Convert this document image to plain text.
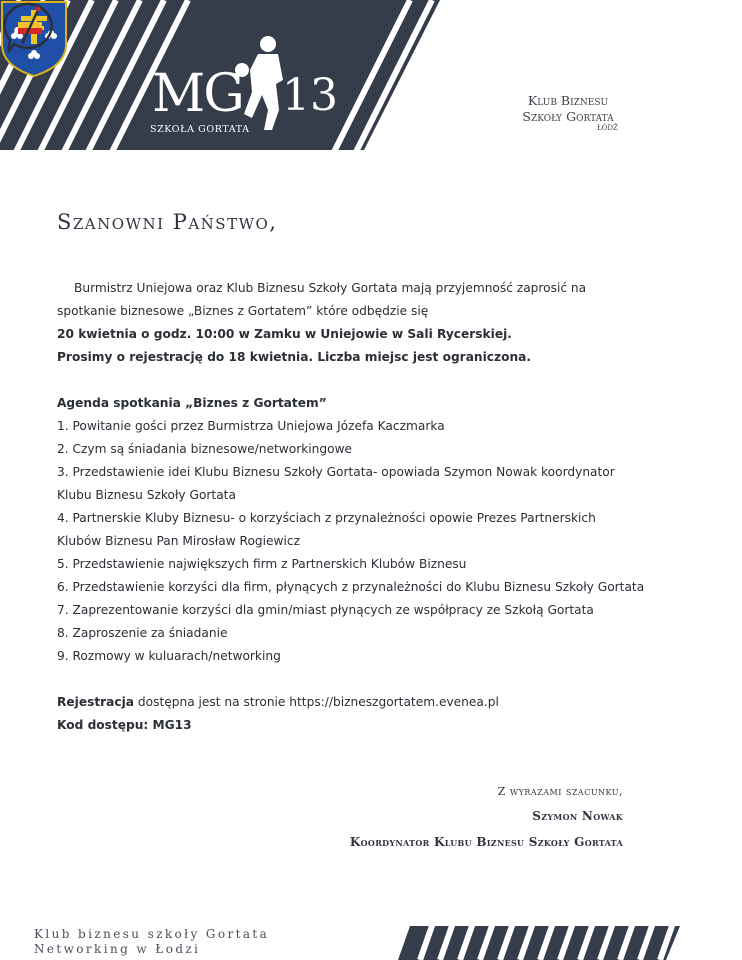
MG 13
SZKOŁA GORTATA
Klub Biznesu
Szkoły Gortata
ŁÓDŹ
Szanowni Państwo,

Burmistrz Uniejowa oraz Klub Biznesu Szkoły Gortata mają przyjemność zaprosić na

spotkanie biznesowe „Biznes z Gortatem” które odbędzie się

20 kwietnia o godz. 10:00 w Zamku w Uniejowie w Sali Rycerskiej.

Prosimy o rejestrację do 18 kwietnia. Liczba miejsc jest ograniczona.

Agenda spotkania „Biznes z Gortatem”

1. Powitanie gości przez Burmistrza Uniejowa Józefa Kaczmarka

2. Czym są śniadania biznesowe/networkingowe

3. Przedstawienie idei Klubu Biznesu Szkoły Gortata- opowiada Szymon Nowak koordynator

Klubu Biznesu Szkoły Gortata

4. Partnerskie Kluby Biznesu- o korzyściach z przynależności opowie Prezes Partnerskich

Klubów Biznesu Pan Mirosław Rogiewicz

5. Przedstawienie największych firm z Partnerskich Klubów Biznesu

6. Przedstawienie korzyści dla firm, płynących z przynależności do Klubu Biznesu Szkoły Gortata

7. Zaprezentowanie korzyści dla gmin/miast płynących ze współpracy ze Szkołą Gortata

8. Zaproszenie za śniadanie

9. Rozmowy w kuluarach/networking

Rejestracja dostępna jest na stronie https://bizneszgortatem.evenea.pl

Kod dostępu: MG13

Z wyrazami szacunku,
Szymon Nowak
Koordynator Klubu Biznesu Szkoły Gortata
Klub biznesu szkoły Gortata
Networking w Łodzi
